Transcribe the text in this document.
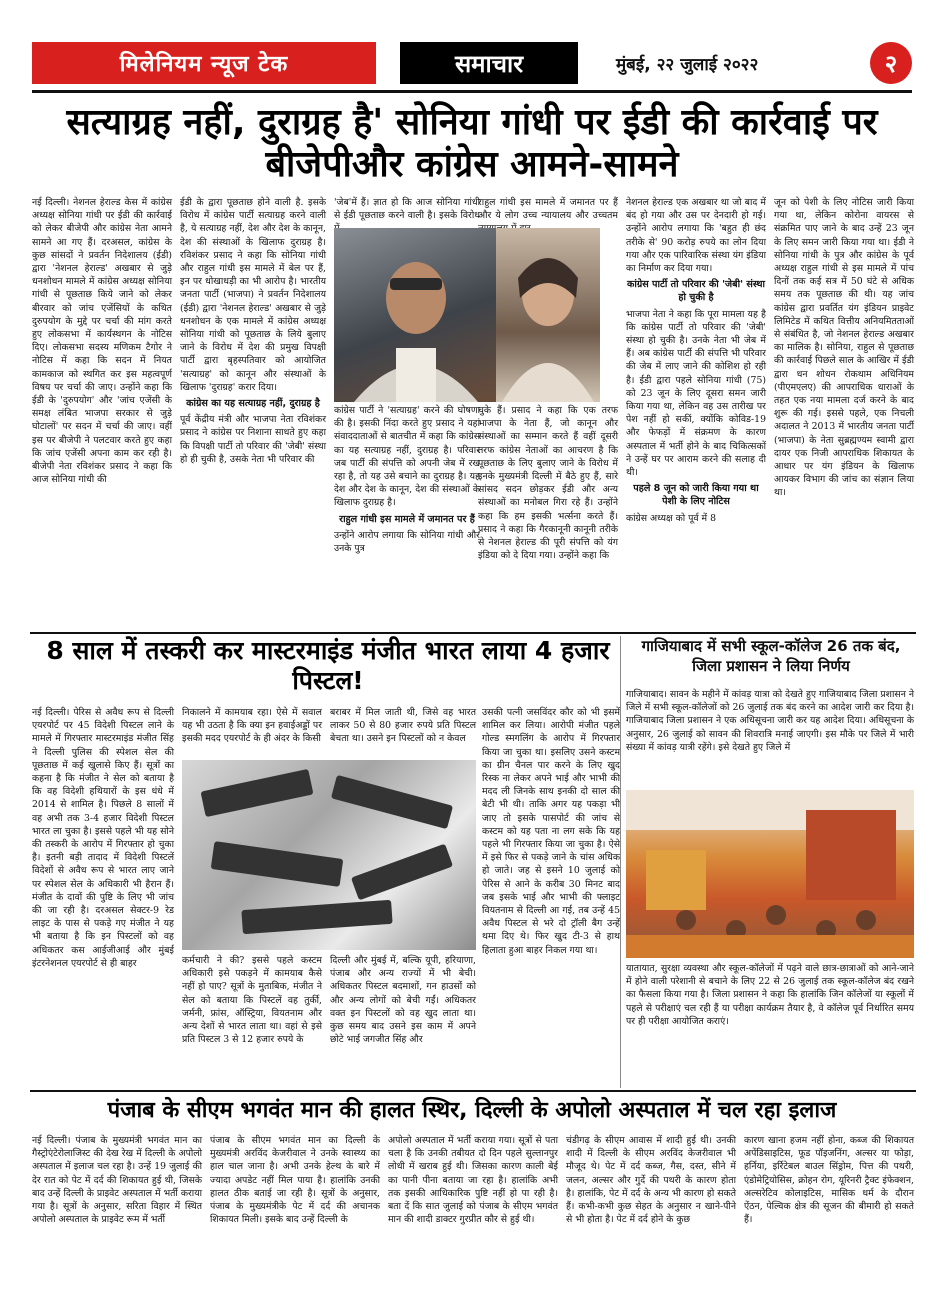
मिलेनियम न्यूज टेक	समाचार	मुंबई, २२ जुलाई २०२२	२
सत्याग्रह नहीं, दुराग्रह है' सोनिया गांधी पर ईडी की कार्रवाई पर बीजेपीऔर कांग्रेस आमने-सामने
नई दिल्ली। नेशनल हेराल्ड केस में कांग्रेस अध्यक्ष सोनिया गांधी पर ईडी की कार्रवाई को लेकर बीजेपी और कांग्रेस नेता आमने सामने आ गए हैं। दरअसल, कांग्रेस के कुछ सांसदों ने प्रवर्तन निदेशालय (ईडी) द्वारा 'नेशनल हेराल्ड' अखबार से जुड़े धनशोधन मामले में कांग्रेस अध्यक्ष सोनिया गांधी से पूछताछ किये जाने को लेकर बीरवार को जांच एजेंसियों के कथित दुरुपयोग के मुद्दे पर चर्चा की मांग करते हुए लोकसभा में कार्यस्थगन के नोटिस दिए। लोकसभा सदस्य मणिकम टैगोर ने नोटिस में कहा कि सदन में नियत कामकाज को स्थगित कर इस महत्वपूर्ण विषय पर चर्चा की जाए। उन्होंने कहा कि ईडी के 'दुरुपयोग' और 'जांच एजेंसी के समक्ष लंबित भाजपा सरकार से जुड़े घोटालों' पर सदन में चर्चा की जाए। वहीं इस पर बीजेपी ने पलटवार करते हुए कहा कि जांच एजेंसी अपना काम कर रही है। बीजेपी नेता रविशंकर प्रसाद ने कहा कि आज सोनिया गांधी की
ईडी के द्वारा पूछताछ होने वाली है. इसके विरोध में कांग्रेस पार्टी सत्याग्रह करने वाली है, ये सत्याग्रह नहीं, देश और देश के कानून, देश की संस्थाओं के खिलाफ दुराग्रह है। रविशंकर प्रसाद ने कहा कि सोनिया गांधी और राहुल गांधी इस मामले में बेल पर हैं, इन पर धोखाधड़ी का भी आरोप है। भारतीय जनता पार्टी (भाजपा) ने प्रवर्तन निदेशालय (ईडी) द्वारा 'नेशनल हेराल्ड' अखबार से जुड़े धनशोधन के एक मामले में कांग्रेस अध्यक्ष सोनिया गांधी को पूछताछ के लिये बुलाए जाने के विरोध में देश की प्रमुख विपक्षी पार्टी द्वारा बृहस्पतिवार को आयोजित 'सत्याग्रह' को कानून और संस्थाओं के खिलाफ 'दुराग्रह' करार दिया।
कांग्रेस का यह सत्याग्रह नहीं, दुराग्रह है
पूर्व केंद्रीय मंत्री और भाजपा नेता रविशंकर प्रसाद ने कांग्रेस पर निशाना साधते हुए कहा कि विपक्षी पार्टी तो परिवार की 'जेबी' संस्था हो ही चुकी है, उसके नेता भी परिवार की
'जेब'में हैं। ज्ञात हो कि आज सोनिया गांधी से ईडी पूछताछ करने वाली है। इसके विरोध
राहुल गांधी इस मामले में जमानत पर हैं और ये लोग उच्च न्यायालय और उच्चतम
कांग्रेस पार्टी ने 'सत्याग्रह' करने की घोषणा की है। इसकी निंदा करते हुए प्रसाद ने यहां संवाददाताओं से बातचीत में कहा कि कांग्रेस का यह सत्याग्रह नहीं, दुराग्रह है। परिवार जब पार्टी की संपत्ति को अपनी जेब में रख रहा है, तो यह उसे बचाने का दुराग्रह है। यह देश और देश के कानून, देश की संस्थाओं के खिलाफ दुराग्रह है।
राहुल गांधी इस मामले में जमानत पर हैं
उन्होंने आरोप लगाया कि सोनिया गांधी और उनके पुत्र
चुके हैं। प्रसाद ने कहा कि एक तरफ भाजपा के नेता हैं, जो कानून और संस्थाओं का सम्मान करते हैं वहीं दूसरी तरफ कांग्रेस नेताओं का आचरण है कि पूछताछ के लिए बुलाए जाने के विरोध में इनके मुख्यमंत्री दिल्ली में बैठे हुए हैं, सारे सांसद सदन छोड़कर ईडी और अन्य संस्थाओं का मनोबल गिरा रहे हैं। उन्होंने कहा कि हम इसकी भर्त्सना करते हैं। प्रसाद ने कहा कि गैरकानूनी कानूनी तरीके से नेशनल हेराल्ड की पूरी संपत्ति को यंग इंडिया को दे दिया गया। उन्होंने कहा कि
नेशनल हेराल्ड एक अखबार था जो बाद में बंद हो गया और उस पर देनदारी हो गई। उन्होंने आरोप लगाया कि 'बहुत ही छंद तरीके से' 90 करोड़ रुपये का लोन दिया गया और एक पारिवारिक संस्था यंग इंडिया का निर्माण कर दिया गया।
कांग्रेस पार्टी तो परिवार की 'जेबी' संस्था हो चुकी है
भाजपा नेता ने कहा कि पूरा मामला यह है कि कांग्रेस पार्टी तो परिवार की 'जेबी' संस्था हो चुकी है। उनके नेता भी जेब में हैं। अब कांग्रेस पार्टी की संपत्ति भी परिवार की जेब में लाए जाने की कोशिश हो रही है। ईडी द्वारा पहले सोनिया गांधी (75) को 23 जून के लिए दूसरा समन जारी किया गया था, लेकिन वह उस तारीख पर पेश नहीं हो सकीं, क्योंकि कोविड-19 और फेफड़ों में संक्रमण के कारण अस्पताल में भर्ती होने के बाद चिकित्सकों ने उन्हें घर पर आराम करने की सलाह दी थी।
पहले 8 जून को जारी किया गया था पेशी के लिए नोटिस
कांग्रेस अध्यक्ष को पूर्व में 8
जून को पेशी के लिए नोटिस जारी किया गया था, लेकिन कोरोना वायरस से संक्रमित पाए जाने के बाद उन्हें 23 जून के लिए समन जारी किया गया था। ईडी ने सोनिया गांधी के पुत्र और कांग्रेस के पूर्व अध्यक्ष राहुल गांधी से इस मामले में पांच दिनों तक कई सत्र में 50 घंटे से अधिक समय तक पूछताछ की थी। यह जांच कांग्रेस द्वारा प्रवर्तित यंग इंडियन प्राइवेट लिमिटेड में कथित वित्तीय अनियमितताओं से संबंधित है, जो नेशनल हेराल्ड अखबार का मालिक है। सोनिया, राहुल से पूछताछ की कार्रवाई पिछले साल के आखिर में ईडी द्वारा धन शोधन रोकथाम अधिनियम (पीएमएलए) की आपराधिक धाराओं के तहत एक नया मामला दर्ज करने के बाद शुरू की गई। इससे पहले, एक निचली अदालत ने 2013 में भारतीय जनता पार्टी (भाजपा) के नेता सुब्रह्मण्यम स्वामी द्वारा दायर एक निजी आपराधिक शिकायत के आधार पर यंग इंडियन के खिलाफ आयकर विभाग की जांच का संज्ञान लिया था।
8 साल में तस्करी कर मास्टरमाइंड मंजीत भारत लाया 4 हजार पिस्टल!
नई दिल्ली। पेरिस से अवैध रूप से दिल्ली एयरपोर्ट पर 45 विदेशी पिस्टल लाने के मामले में गिरफ्तार मास्टरमाइंड मंजीत सिंह ने दिल्ली पुलिस की स्पेशल सेल की पूछताछ में कई खुलासे किए हैं। सूत्रों का कहना है कि मंजीत ने सेल को बताया है कि वह विदेशी हथियारों के इस धंधे में 2014 से शामिल है। पिछले 8 सालों में वह अभी तक 3-4 हजार विदेशी पिस्टल भारत ला चुका है। इससे पहले भी यह सोने की तस्करी के आरोप में गिरफ्तार हो चुका है। इतनी बड़ी तादाद में विदेशी पिस्टलें विदेशों से अवैध रूप से भारत लाए जाने पर स्पेशल सेल के अधिकारी भी हैरान हैं। मंजीत के दावों की पुष्टि के लिए भी जांच की जा रही है। दरअसल सेक्टर-9 रेड लाइट के पास से पकड़े गए मंजीत ने यह भी बताया है कि इन पिस्टलों को वह अधिकतर कस आईजीआई और मुंबई इंटरनेशनल एयरपोर्ट से ही बाहर
निकालने में कामयाब रहा। ऐसे में सवाल यह भी उठता है कि क्या इन हवाईअड्डों पर इसकी मदद एयरपोर्ट के ही अंदर के किसी
बराबर में मिल जाती थी, जिसे वह भारत लाकर 50 से 80 हजार रुपये प्रति पिस्टल बेचता था। उसने इन पिस्टलों को न केवल
कर्मचारी ने की? इससे पहले कस्टम अधिकारी इसे पकड़ने में कामयाब कैसे नहीं हो पाए? सूत्रों के मुताबिक, मंजीत ने सेल को बताया कि पिस्टलें वह तुर्की, जर्मनी, फ्रांस, ऑस्ट्रिया, वियतनाम और अन्य देशों से भारत लाता था। वहां से इसे प्रति पिस्टल 3 से 12 हजार रुपये के
दिल्ली और मुंबई में, बल्कि यूपी, हरियाणा, पंजाब और अन्य राज्यों में भी बेची। अधिकतर पिस्टल बदमाशों, गन हाउसों को और अन्य लोगों को बेची गईं। अधिकतर वक्त इन पिस्टलों को वह खुद लाता था। कुछ समय बाद उसने इस काम में अपने छोटे भाई जगजीत सिंह और
उसकी पत्नी जसविंदर कौर को भी इसमें शामिल कर लिया। आरोपी मंजीत पहले गोल्ड स्मगलिंग के आरोप में गिरफ्तार किया जा चुका था। इसलिए उसने कस्टम का ग्रीन चैनल पार करने के लिए खुद रिस्क ना लेकर अपने भाई और भाभी की मदद ली जिनके साथ इनकी दो साल की बेटी भी थी। ताकि अगर यह पकड़ा भी जाए तो इसके पासपोर्ट की जांच से कस्टम को यह पता ना लग सके कि यह पहले भी गिरफ्तार किया जा चुका है। ऐसे में इसे फिर से पकड़े जाने के चांस अधिक हो जाते। जह से इसने 10 जुलाई को पेरिस से आने के करीब 30 मिनट बाद जब इसके भाई और भाभी की फ्लाइट वियतनाम से दिल्ली आ गई, तब उन्हें 45 अवैध पिस्टल से भरे दो ट्रॉली बैग उन्हें थमा दिए थे। फिर खुद टी-3 से हाथ हिलाता हुआ बाहर निकल गया था।
गाजियाबाद में सभी स्कूल-कॉलेज 26 तक बंद, जिला प्रशासन ने लिया निर्णय
गाजियाबाद। सावन के महीने में कांवड़ यात्रा को देखते हुए गाजियाबाद जिला प्रशासन ने जिले में सभी स्कूल-कॉलेजों को 26 जुलाई तक बंद करने का आदेश जारी कर दिया है। गाजियाबाद जिला प्रशासन ने एक अधिसूचना जारी कर यह आदेश दिया। अधिसूचना के अनुसार, 26 जुलाई को सावन की शिवरात्रि मनाई जाएगी। इस मौके पर जिले में भारी संख्या में कांवड़ यात्री रहेंगे। इसे देखते हुए जिले में
यातायात, सुरक्षा व्यवस्था और स्कूल-कॉलेजों में पढ़ने वाले छात्र-छात्राओं को आने-जाने में होने वाली परेशानी से बचाने के लिए 22 से 26 जुलाई तक स्कूल-कॉलेज बंद रखने का फैसला किया गया है। जिला प्रशासन ने कहा कि हालांकि जिन कॉलेजों या स्कूलों में पहले से परीक्षाएं चल रही हैं या परीक्षा कार्यक्रम तैयार है, वे कॉलेज पूर्व निर्धारित समय पर ही परीक्षा आयोजित कराएं।
पंजाब के सीएम भगवंत मान की हालत स्थिर, दिल्ली के अपोलो अस्पताल में चल रहा इलाज
नई दिल्ली। पंजाब के मुख्यमंत्री भगवंत मान का गैस्ट्रोएंटेरोलाजिस्ट की देख रेख में दिल्ली के अपोलो अस्पताल में इलाज चल रहा है। उन्हें 19 जुलाई की देर रात को पेट में दर्द की शिकायत हुई थी, जिसके बाद उन्हें दिल्ली के प्राइवेट अस्पताल में भर्ती कराया गया है। सूत्रों के अनुसार, सरिता विहार में स्थित अपोलो अस्पताल के प्राइवेट रूम में भर्ती
पंजाब के सीएम भगवंत मान का दिल्ली के मुख्यमंत्री अरविंद केजरीवाल ने उनके स्वास्थ्य का हाल चाल जाना है। अभी उनके हेल्थ के बारे में ज्यादा अपडेट नहीं मिल पाया है। हालांकि उनकी हालत ठीक बताई जा रही है। सूत्रों के अनुसार, पंजाब के मुख्यमंत्रीके पेट में दर्द की अचानक शिकायत मिली। इसके बाद उन्हें दिल्ली के
अपोलो अस्पताल में भर्ती कराया गया। सूत्रों से पता चला है कि उनकी तबीयत दो दिन पहले सुल्तानपुर लोधी में खराब हुई थी। जिसका कारण काली बेई का पानी पीना बताया जा रहा है। हालांकि अभी तक इसकी आधिकारिक पुष्टि नहीं हो पा रही है। बता दें कि सात जुलाई को पंजाब के सीएम भगवंत मान की शादी डाक्टर गुरप्रीत कौर से हुई थी।
चंडीगढ़ के सीएम आवास में शादी हुई थी। उनकी शादी में दिल्ली के सीएम अरविंद केजरीवाल भी मौजूद थे। पेट में दर्द कब्ज, गैस, दस्त, सीने में जलन, अल्सर और गुर्दे की पथरी के कारण होता है। हालांकि, पेट में दर्द के अन्य भी कारण हो सकते हैं। कभी-कभी कुछ सेहत के अनुसार न खाने-पीने से भी होता है। पेट में दर्द होने के कुछ
कारण खाना हजम नहीं होना, कब्ज की शिकायत अपेंडिसाइटिस, फूड पॉइजनिंग, अल्सर या फोड़ा, हर्निया, इर्रिटेबल बाउल सिंड्रोम, पित्त की पथरी, एंडोमेट्रियोसिस, क्रोहन रोग, यूरिनरी ट्रैक्ट इंफेक्शन, अल्सरेटिव कोलाइटिस, मासिक धर्म के दौरान ऐंठन, पेल्विक क्षेत्र की सूजन की बीमारी हो सकते हैं।
